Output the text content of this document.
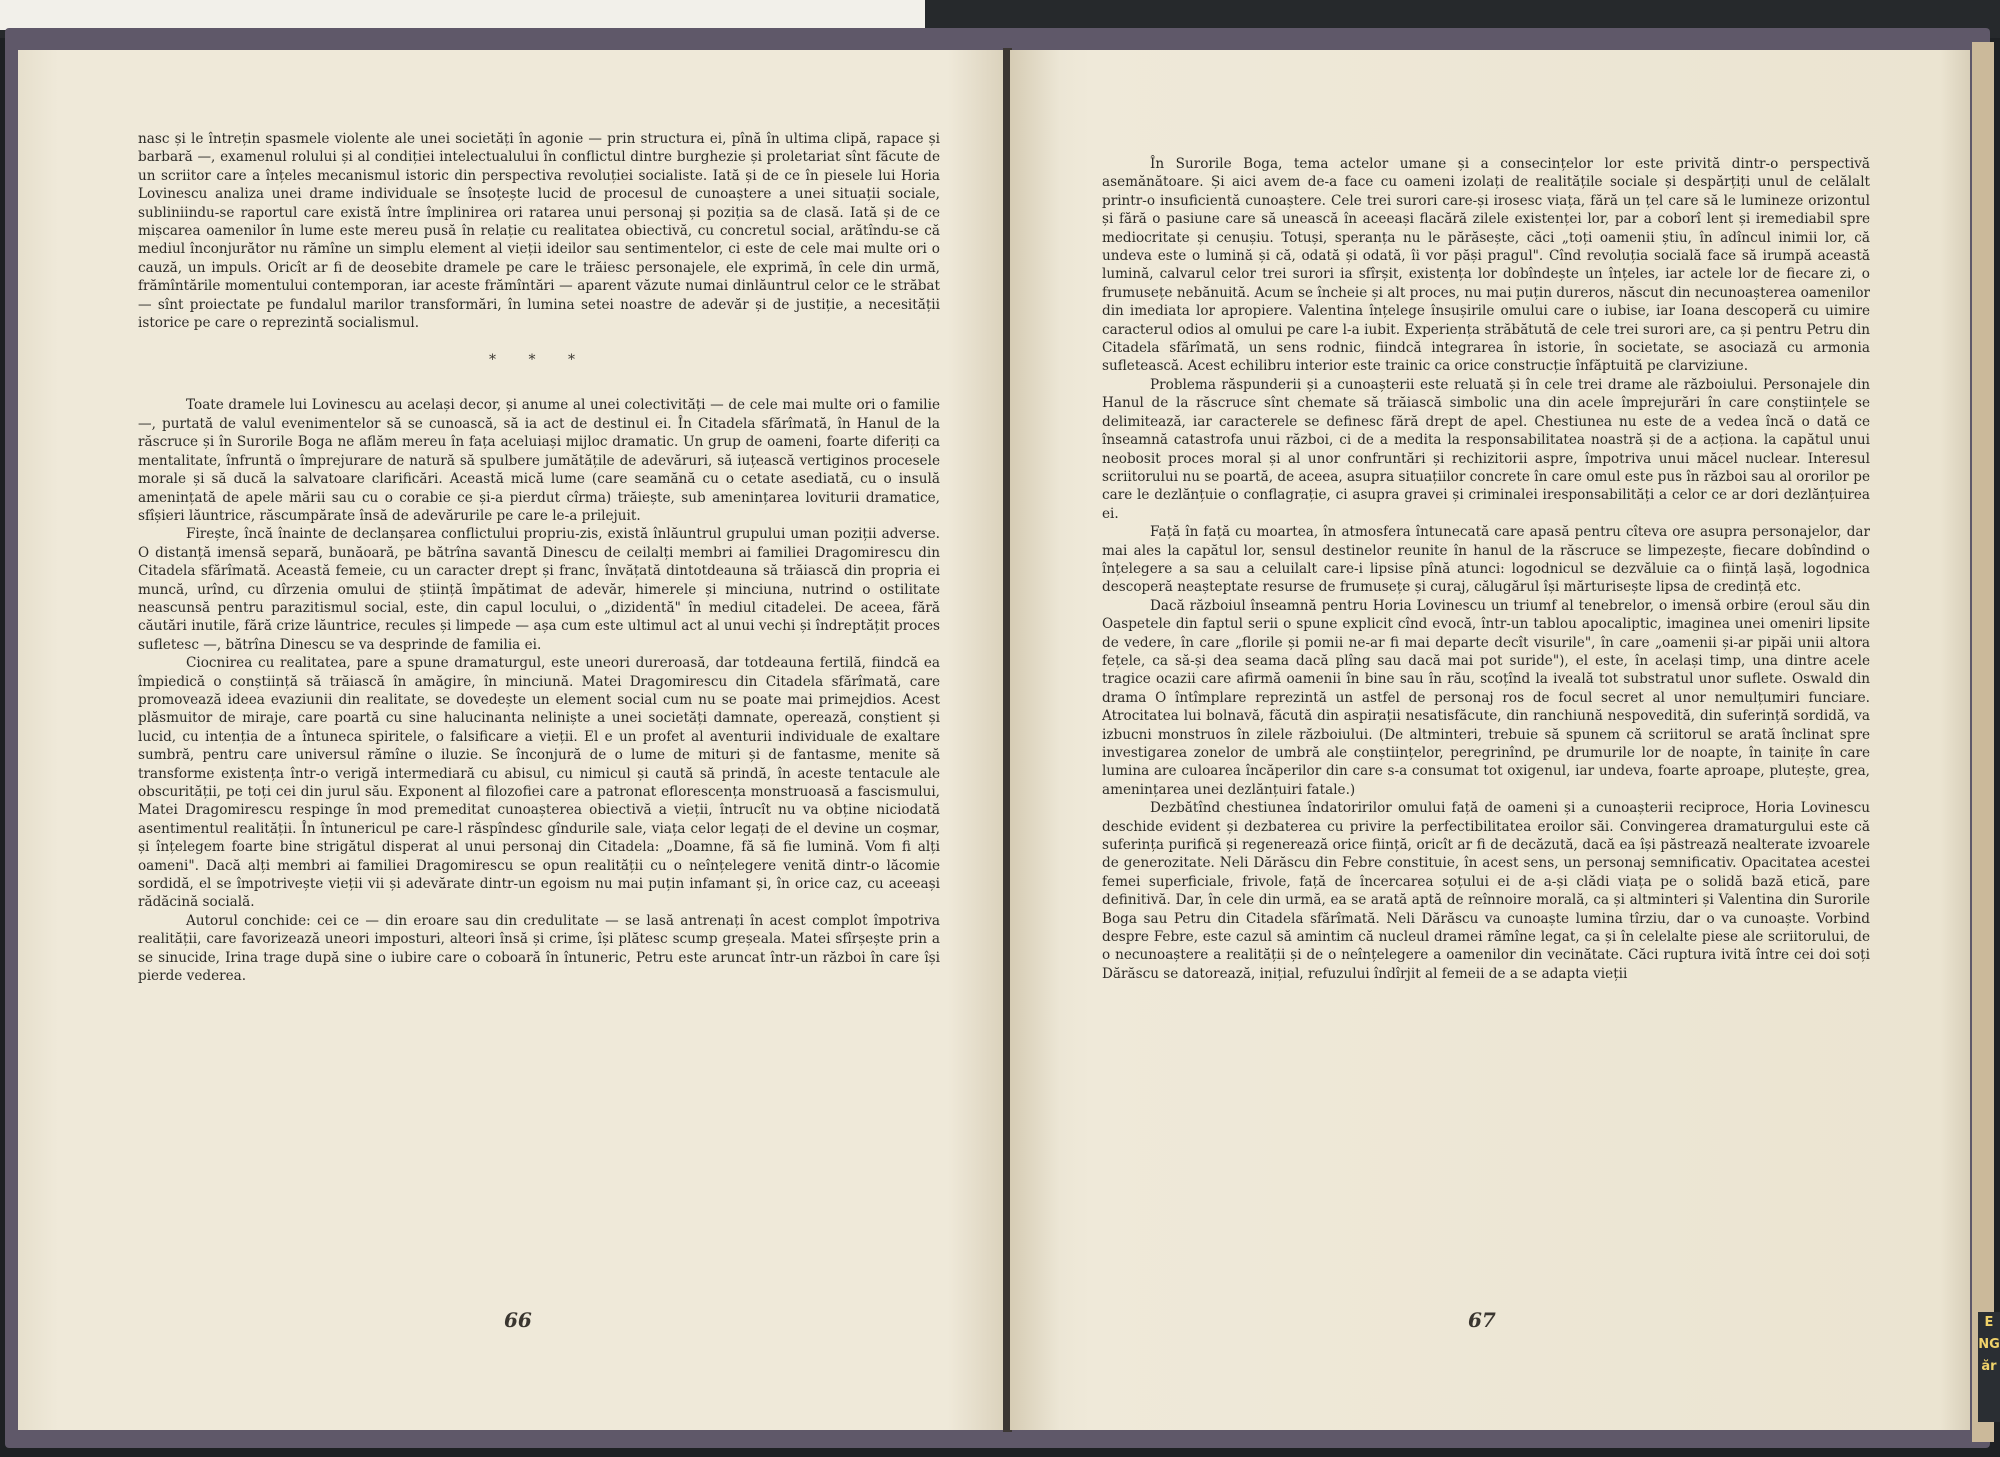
nasc și le întrețin spasmele violente ale unei societăți în agonie — prin structura ei, pînă în ultima clipă, rapace și barbară —, examenul rolului și al condiției intelectualului în conflictul dintre burghezie și proletariat sînt făcute de un scriitor care a înțeles mecanismul istoric din perspectiva revoluției socialiste. Iată și de ce în piesele lui Horia Lovinescu analiza unei drame individuale se însoțește lucid de procesul de cunoaștere a unei situații sociale, subliniindu-se raportul care există între împlinirea ori ratarea unui personaj și poziția sa de clasă. Iată și de ce mișcarea oamenilor în lume este mereu pusă în relație cu realitatea obiectivă, cu concretul social, arătîndu-se că mediul înconjurător nu rămîne un simplu element al vieții ideilor sau sentimentelor, ci este de cele mai multe ori o cauză, un impuls. Oricît ar fi de deosebite dramele pe care le trăiesc personajele, ele exprimă, în cele din urmă, frămîntările momentului contemporan, iar aceste frămîntări — aparent văzute numai dinlăuntrul celor ce le străbat — sînt proiectate pe fundalul marilor transformări, în lumina setei noastre de adevăr și de justiție, a necesității istorice pe care o reprezintă socialismul.

* * *

Toate dramele lui Lovinescu au același decor, și anume al unei colectivități — de cele mai multe ori o familie —, purtată de valul evenimentelor să se cunoască, să ia act de destinul ei. În Citadela sfărîmată, în Hanul de la răscruce și în Surorile Boga ne aflăm mereu în fața aceluiași mijloc dramatic. Un grup de oameni, foarte diferiți ca mentalitate, înfruntă o împrejurare de natură să spulbere jumătățile de adevăruri, să iuțească vertiginos procesele morale și să ducă la salvatoare clarificări. Această mică lume (care seamănă cu o cetate asediată, cu o insulă amenințată de apele mării sau cu o corabie ce și-a pierdut cîrma) trăiește, sub amenințarea loviturii dramatice, sfîșieri lăuntrice, răscumpărate însă de adevărurile pe care le-a prilejuit.

Firește, încă înainte de declanșarea conflictului propriu-zis, există înlăuntrul grupului uman poziții adverse. O distanță imensă separă, bunăoară, pe bătrîna savantă Dinescu de ceilalți membri ai familiei Dragomirescu din Citadela sfărîmată. Această femeie, cu un caracter drept și franc, învățată dintotdeauna să trăiască din propria ei muncă, urînd, cu dîrzenia omului de știință împătimat de adevăr, himerele și minciuna, nutrind o ostilitate neascunsă pentru parazitismul social, este, din capul locului, o „dizidentă" în mediul citadelei. De aceea, fără căutări inutile, fără crize lăuntrice, recules și limpede — așa cum este ultimul act al unui vechi și îndreptățit proces sufletesc —, bătrîna Dinescu se va desprinde de familia ei.

Ciocnirea cu realitatea, pare a spune dramaturgul, este uneori dureroasă, dar totdeauna fertilă, fiindcă ea împiedică o conștiință să trăiască în amăgire, în minciună. Matei Dragomirescu din Citadela sfărîmată, care promovează ideea evaziunii din realitate, se dovedește un element social cum nu se poate mai primejdios. Acest plăsmuitor de miraje, care poartă cu sine halucinanta neliniște a unei societăți damnate, operează, conștient și lucid, cu intenția de a întuneca spiritele, o falsificare a vieții. El e un profet al aventurii individuale de exaltare sumbră, pentru care universul rămîne o iluzie. Se înconjură de o lume de mituri și de fantasme, menite să transforme existența într-o verigă intermediară cu abisul, cu nimicul și caută să prindă, în aceste tentacule ale obscurității, pe toți cei din jurul său. Exponent al filozofiei care a patronat eflorescența monstruoasă a fascismului, Matei Dragomirescu respinge în mod premeditat cunoașterea obiectivă a vieții, întrucît nu va obține niciodată asentimentul realității. În întunericul pe care-l răspîndesc gîndurile sale, viața celor legați de el devine un coșmar, și înțelegem foarte bine strigătul disperat al unui personaj din Citadela: „Doamne, fă să fie lumină. Vom fi alți oameni". Dacă alți membri ai familiei Dragomirescu se opun realității cu o neînțelegere venită dintr-o lăcomie sordidă, el se împotrivește vieții vii și adevărate dintr-un egoism nu mai puțin infamant și, în orice caz, cu aceeași rădăcină socială.

Autorul conchide: cei ce — din eroare sau din credulitate — se lasă antrenați în acest complot împotriva realității, care favorizează uneori imposturi, alteori însă și crime, își plătesc scump greșeala. Matei sfîrșește prin a se sinucide, Irina trage după sine o iubire care o coboară în întuneric, Petru este aruncat într-un război în care își pierde vederea.

66

În Surorile Boga, tema actelor umane și a consecințelor lor este privită dintr-o perspectivă asemănătoare. Și aici avem de-a face cu oameni izolați de realitățile sociale și despărțiți unul de celălalt printr-o insuficientă cunoaștere. Cele trei surori care-și irosesc viața, fără un țel care să le lumineze orizontul și fără o pasiune care să unească în aceeași flacără zilele existenței lor, par a coborî lent și iremediabil spre mediocritate și cenușiu. Totuși, speranța nu le părăsește, căci „toți oamenii știu, în adîncul inimii lor, că undeva este o lumină și că, odată și odată, îi vor păși pragul". Cînd revoluția socială face să irumpă această lumină, calvarul celor trei surori ia sfîrșit, existența lor dobîndește un înțeles, iar actele lor de fiecare zi, o frumusețe nebănuită. Acum se încheie și alt proces, nu mai puțin dureros, născut din necunoașterea oamenilor din imediata lor apropiere. Valentina înțelege însușirile omului care o iubise, iar Ioana descoperă cu uimire caracterul odios al omului pe care l-a iubit. Experiența străbătută de cele trei surori are, ca și pentru Petru din Citadela sfărîmată, un sens rodnic, fiindcă integrarea în istorie, în societate, se asociază cu armonia sufletească. Acest echilibru interior este trainic ca orice construcție înfăptuită pe clarviziune.

Problema răspunderii și a cunoașterii este reluată și în cele trei drame ale războiului. Personajele din Hanul de la răscruce sînt chemate să trăiască simbolic una din acele împrejurări în care conștiințele se delimitează, iar caracterele se definesc fără drept de apel. Chestiunea nu este de a vedea încă o dată ce înseamnă catastrofa unui război, ci de a medita la responsabilitatea noastră și de a acționa. la capătul unui neobosit proces moral și al unor confruntări și rechizitorii aspre, împotriva unui măcel nuclear. Interesul scriitorului nu se poartă, de aceea, asupra situațiilor concrete în care omul este pus în război sau al ororilor pe care le dezlănțuie o conflagrație, ci asupra gravei și criminalei iresponsabilități a celor ce ar dori dezlănțuirea ei.

Față în față cu moartea, în atmosfera întunecată care apasă pentru cîteva ore asupra personajelor, dar mai ales la capătul lor, sensul destinelor reunite în hanul de la răscruce se limpezește, fiecare dobîndind o înțelegere a sa sau a celuilalt care-i lipsise pînă atunci: logodnicul se dezvăluie ca o ființă lașă, logodnica descoperă neașteptate resurse de frumusețe și curaj, călugărul își mărturisește lipsa de credință etc.

Dacă războiul înseamnă pentru Horia Lovinescu un triumf al tenebrelor, o imensă orbire (eroul său din Oaspetele din faptul serii o spune explicit cînd evocă, într-un tablou apocaliptic, imaginea unei omeniri lipsite de vedere, în care „florile și pomii ne-ar fi mai departe decît visurile", în care „oamenii și-ar pipăi unii altora fețele, ca să-și dea seama dacă plîng sau dacă mai pot suride"), el este, în același timp, una dintre acele tragice ocazii care afirmă oamenii în bine sau în rău, scoțînd la iveală tot substratul unor suflete. Oswald din drama O întîmplare reprezintă un astfel de personaj ros de focul secret al unor nemulțumiri funciare. Atrocitatea lui bolnavă, făcută din aspirații nesatisfăcute, din ranchiună nespovedită, din suferință sordidă, va izbucni monstruos în zilele războiului. (De altminteri, trebuie să spunem că scriitorul se arată înclinat spre investigarea zonelor de umbră ale conștiințelor, peregrinînd, pe drumurile lor de noapte, în tainițe în care lumina are culoarea încăperilor din care s-a consumat tot oxigenul, iar undeva, foarte aproape, plutește, grea, amenințarea unei dezlănțuiri fatale.)

Dezbătînd chestiunea îndatoririlor omului față de oameni și a cunoașterii reciproce, Horia Lovinescu deschide evident și dezbaterea cu privire la perfectibilitatea eroilor săi. Convingerea dramaturgului este că suferința purifică și regenerează orice ființă, oricît ar fi de decăzută, dacă ea își păstrează nealterate izvoarele de generozitate. Neli Dărăscu din Febre constituie, în acest sens, un personaj semnificativ. Opacitatea acestei femei superficiale, frivole, față de încercarea soțului ei de a-și clădi viața pe o solidă bază etică, pare definitivă. Dar, în cele din urmă, ea se arată aptă de reînnoire morală, ca și altminteri și Valentina din Surorile Boga sau Petru din Citadela sfărîmată. Neli Dărăscu va cunoaște lumina tîrziu, dar o va cunoaște. Vorbind despre Febre, este cazul să amintim că nucleul dramei rămîne legat, ca și în celelalte piese ale scriitorului, de o necunoaștere a realității și de o neînțelegere a oamenilor din vecinătate. Căci ruptura ivită între cei doi soți Dărăscu se datorează, inițial, refuzului îndîrjit al femeii de a se adapta vieții

67	E NG ăr
